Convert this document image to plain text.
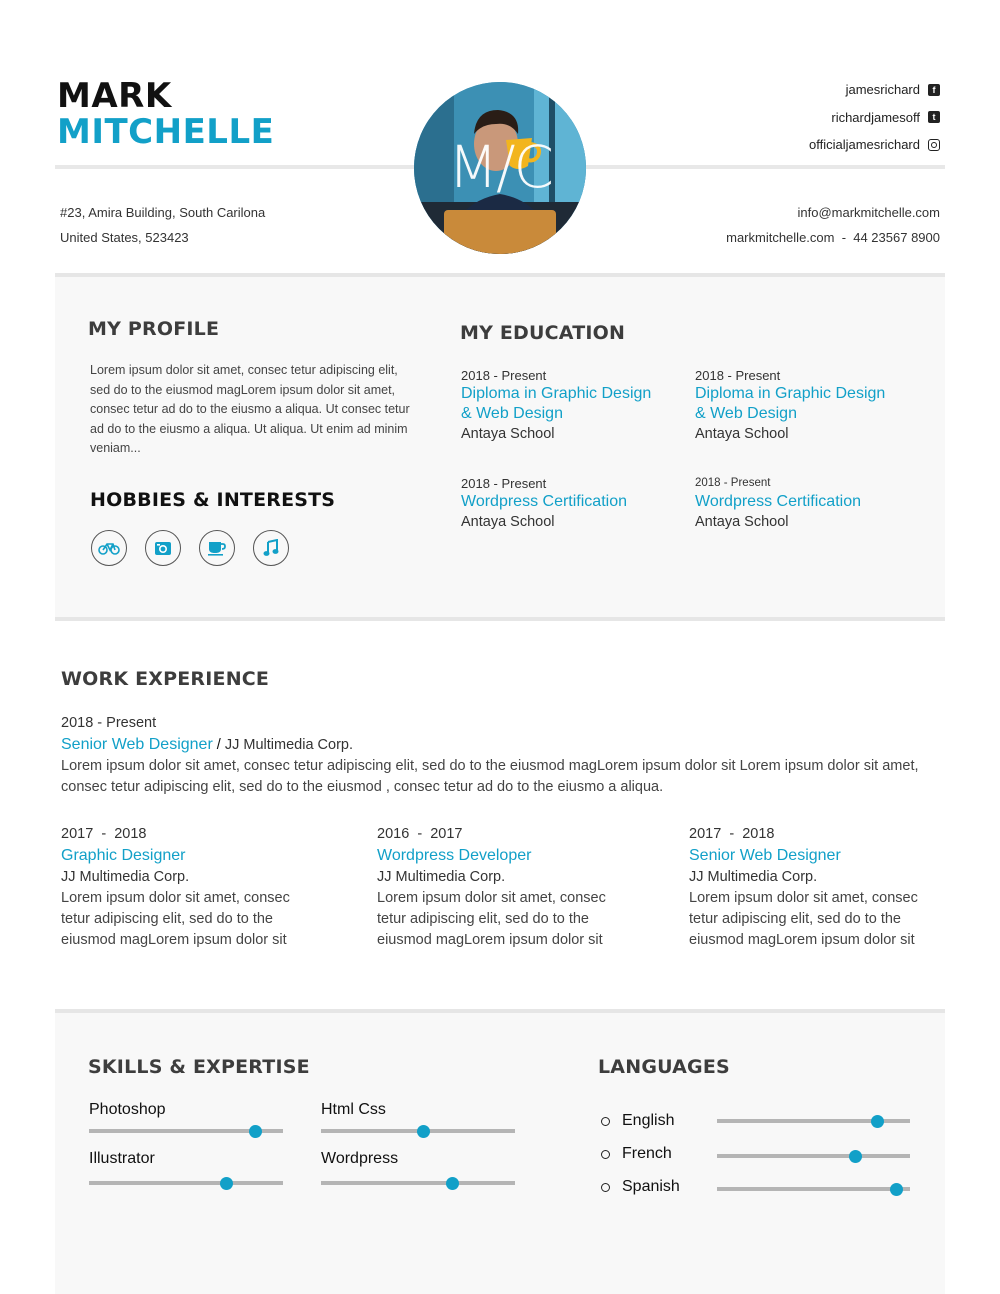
MARK
MITCHELLE
M/C
jamesrichard	f
richardjamesoff	t
officialjamesrichard
#23, Amira Building, South Carilona
United States, 523423
info@markmitchelle.com
markmitchelle.com  -  44 23567 8900
MY PROFILE
Lorem ipsum dolor sit amet, consec tetur adipiscing elit, sed do to the eiusmod magLorem ipsum dolor sit amet, consec tetur ad do to the eiusmo a aliqua. Ut consec tetur ad do to the eiusmo a aliqua. Ut aliqua. Ut enim ad minim veniam...
HOBBIES & INTERESTS
MY EDUCATION
2018 - Present
Diploma in Graphic Design
& Web Design
Antaya School
2018 - Present
Diploma in Graphic Design
& Web Design
Antaya School
2018 - Present
Wordpress Certification
Antaya School
2018 - Present
Wordpress Certification
Antaya School
WORK EXPERIENCE
2018 - Present
Senior Web Designer / JJ Multimedia Corp.
Lorem ipsum dolor sit amet, consec tetur adipiscing elit, sed do to the eiusmod magLorem ipsum dolor sit Lorem ipsum dolor sit amet, consec tetur adipiscing elit, sed do to the eiusmod , consec tetur ad do to the eiusmo a aliqua.
2017  -  2018
Graphic Designer
JJ Multimedia Corp.
Lorem ipsum dolor sit amet, consec tetur adipiscing elit, sed do to the eiusmod magLorem ipsum dolor sit
2016  -  2017
Wordpress Developer
JJ Multimedia Corp.
Lorem ipsum dolor sit amet, consec tetur adipiscing elit, sed do to the eiusmod magLorem ipsum dolor sit
2017  -  2018
Senior Web Designer
JJ Multimedia Corp.
Lorem ipsum dolor sit amet, consec tetur adipiscing elit, sed do to the eiusmod magLorem ipsum dolor sit
SKILLS & EXPERTISE
Photoshop	Html Css
Illustrator	Wordpress
LANGUAGES
English
French
Spanish
